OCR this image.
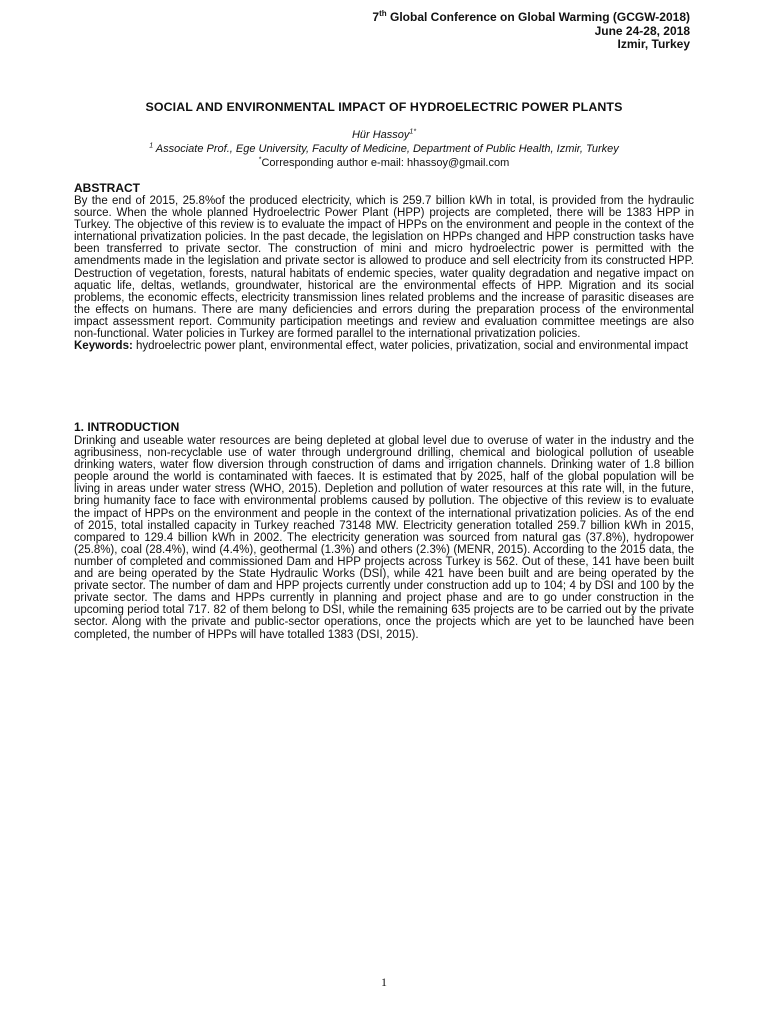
7th Global Conference on Global Warming (GCGW-2018)
June 24-28, 2018
Izmir, Turkey
SOCIAL AND ENVIRONMENTAL IMPACT OF HYDROELECTRIC POWER PLANTS
Hür Hassoy$^{1*}$
$^1$ Associate Prof., Ege University, Faculty of Medicine, Department of Public Health, Izmir, Turkey
*Corresponding author e-mail: hhassoy@gmail.com
ABSTRACT
By the end of 2015, 25.8%of the produced electricity, which is 259.7 billion kWh in total, is provided from the hydraulic source. When the whole planned Hydroelectric Power Plant (HPP) projects are completed, there will be 1383 HPP in Turkey. The objective of this review is to evaluate the impact of HPPs on the environment and people in the context of the international privatization policies. In the past decade, the legislation on HPPs changed and HPP construction tasks have been transferred to private sector. The construction of mini and micro hydroelectric power is permitted with the amendments made in the legislation and private sector is allowed to produce and sell electricity from its constructed HPP. Destruction of vegetation, forests, natural habitats of endemic species, water quality degradation and negative impact on aquatic life, deltas, wetlands, groundwater, historical are the environmental effects of HPP. Migration and its social problems, the economic effects, electricity transmission lines related problems and the increase of parasitic diseases are the effects on humans. There are many deficiencies and errors during the preparation process of the environmental impact assessment report. Community participation meetings and review and evaluation committee meetings are also non-functional. Water policies in Turkey are formed parallel to the international privatization policies.
Keywords: hydroelectric power plant, environmental effect, water policies, privatization, social and environmental impact
1. INTRODUCTION
Drinking and useable water resources are being depleted at global level due to overuse of water in the industry and the agribusiness, non-recyclable use of water through underground drilling, chemical and biological pollution of useable drinking waters, water flow diversion through construction of dams and irrigation channels. Drinking water of 1.8 billion people around the world is contaminated with faeces. It is estimated that by 2025, half of the global population will be living in areas under water stress (WHO, 2015). Depletion and pollution of water resources at this rate will, in the future, bring humanity face to face with environmental problems caused by pollution. The objective of this review is to evaluate the impact of HPPs on the environment and people in the context of the international privatization policies. As of the end of 2015, total installed capacity in Turkey reached 73148 MW. Electricity generation totalled 259.7 billion kWh in 2015, compared to 129.4 billion kWh in 2002. The electricity generation was sourced from natural gas (37.8%), hydropower (25.8%), coal (28.4%), wind (4.4%), geothermal (1.3%) and others (2.3%) (MENR, 2015). According to the 2015 data, the number of completed and commissioned Dam and HPP projects across Turkey is 562. Out of these, 141 have been built and are being operated by the State Hydraulic Works (DSI), while 421 have been built and are being operated by the private sector. The number of dam and HPP projects currently under construction add up to 104; 4 by DSI and 100 by the private sector. The dams and HPPs currently in planning and project phase and are to go under construction in the upcoming period total 717. 82 of them belong to DSI, while the remaining 635 projects are to be carried out by the private sector. Along with the private and public-sector operations, once the projects which are yet to be launched have been completed, the number of HPPs will have totalled 1383 (DSI, 2015).
1
